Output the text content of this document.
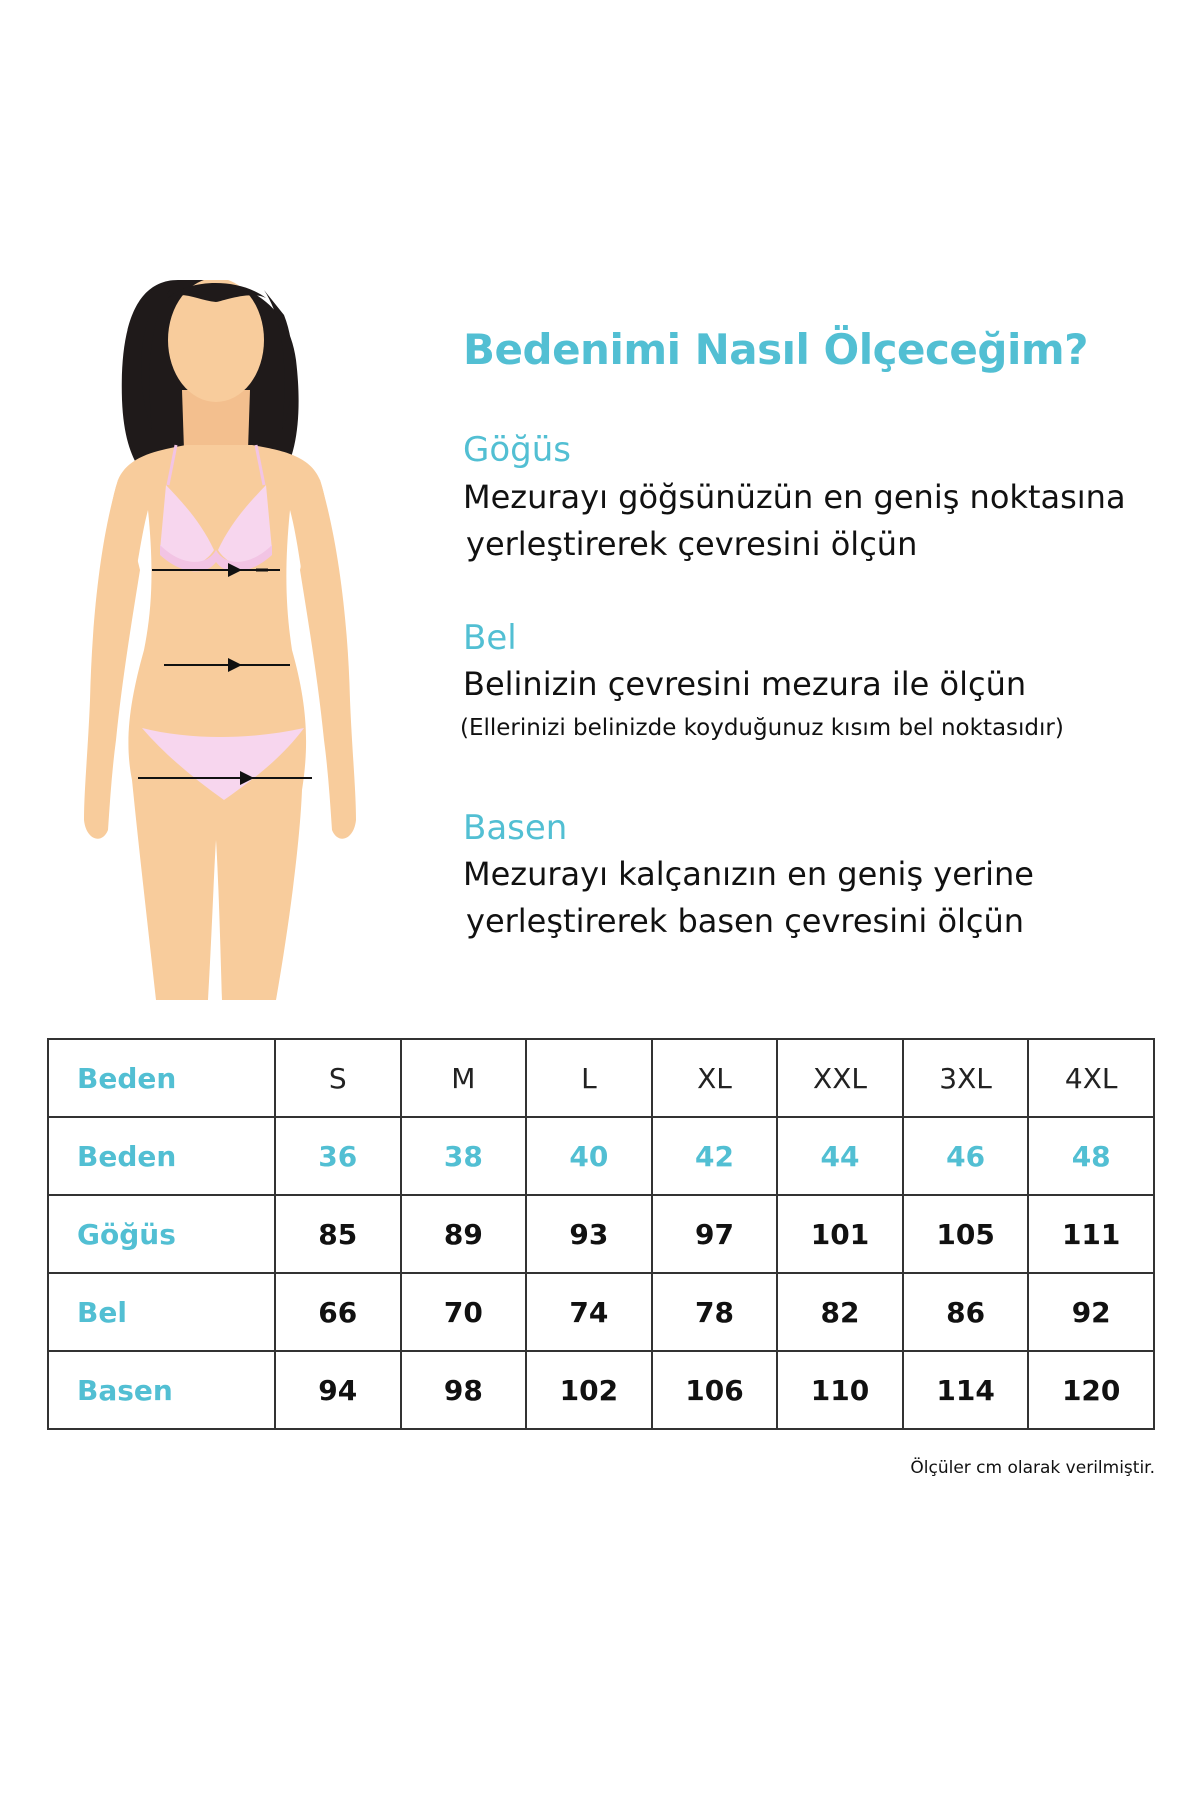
Bedenimi Nasıl Ölçeceğim?
Göğüs

Mezurayı göğsünüzün en geniş noktasına

yerleştirerek çevresini ölçün

Bel

Belinizin çevresini mezura ile ölçün

(Ellerinizi belinizde koyduğunuz kısım bel noktasıdır)

Basen

Mezurayı kalçanızın en geniş yerine

yerleştirerek basen çevresini ölçün

Beden	S	M	L	XL	XXL	3XL	4XL
Beden	36	38	40	42	44	46	48
Göğüs	85	89	93	97	101	105	111
Bel	66	70	74	78	82	86	92
Basen	94	98	102	106	110	114	120

Ölçüler cm olarak verilmiştir.
